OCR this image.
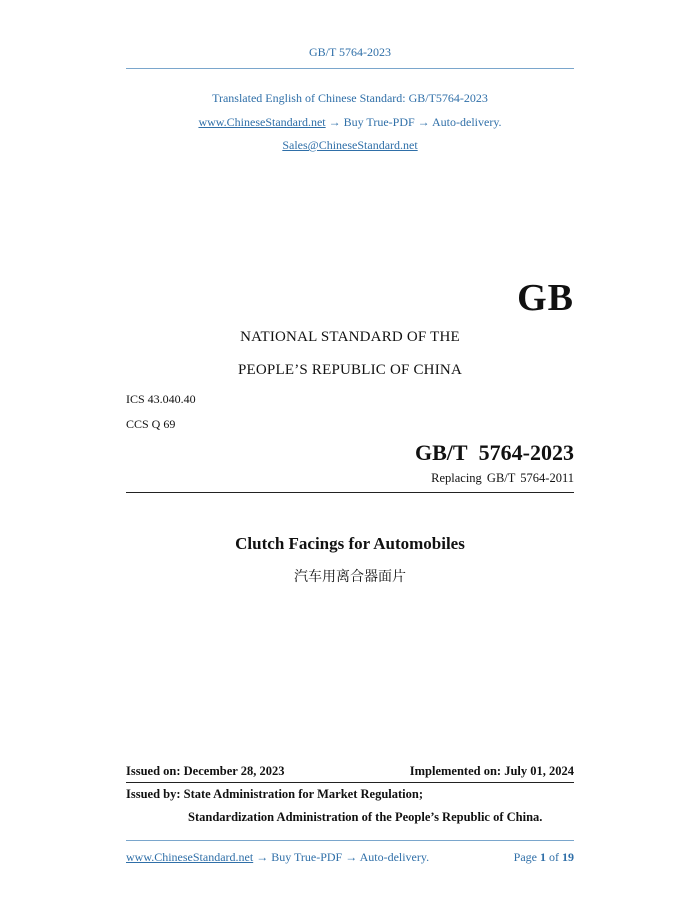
GB/T 5764-2023
Translated English of Chinese Standard: GB/T5764-2023
www.ChineseStandard.net → Buy True-PDF → Auto-delivery.
Sales@ChineseStandard.net
GB
NATIONAL STANDARD OF THE
PEOPLE’S REPUBLIC OF CHINA
ICS 43.040.40
CCS Q 69
GB/T 5764-2023
Replacing GB/T 5764-2011
Clutch Facings for Automobiles
汽车用离合器面片
Issued on: December 28, 2023	Implemented on: July 01, 2024
Issued by: State Administration for Market Regulation;
Standardization Administration of the People’s Republic of China.
www.ChineseStandard.net → Buy True-PDF → Auto-delivery.	Page 1 of 19
